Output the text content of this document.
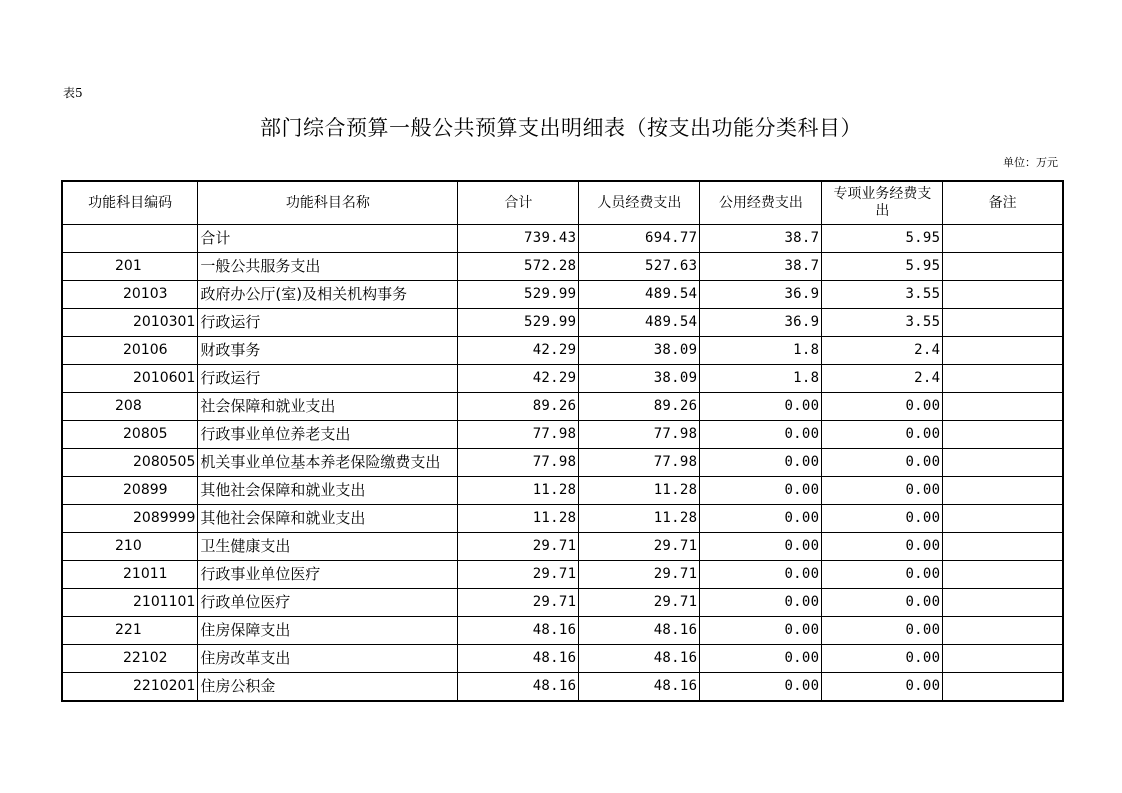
表5
部门综合预算一般公共预算支出明细表（按支出功能分类科目）
单位：万元
功能科目编码	功能科目名称	合计	人员经费支出	公用经费支出	专项业务经费支出	备注
	合计	739.43	694.77	38.7	5.95	
201	一般公共服务支出	572.28	527.63	38.7	5.95	
20103	政府办公厅(室)及相关机构事务	529.99	489.54	36.9	3.55	
2010301	行政运行	529.99	489.54	36.9	3.55	
20106	财政事务	42.29	38.09	1.8	2.4	
2010601	行政运行	42.29	38.09	1.8	2.4	
208	社会保障和就业支出	89.26	89.26	0.00	0.00	
20805	行政事业单位养老支出	77.98	77.98	0.00	0.00	
2080505	机关事业单位基本养老保险缴费支出	77.98	77.98	0.00	0.00	
20899	其他社会保障和就业支出	11.28	11.28	0.00	0.00	
2089999	其他社会保障和就业支出	11.28	11.28	0.00	0.00	
210	卫生健康支出	29.71	29.71	0.00	0.00	
21011	行政事业单位医疗	29.71	29.71	0.00	0.00	
2101101	行政单位医疗	29.71	29.71	0.00	0.00	
221	住房保障支出	48.16	48.16	0.00	0.00	
22102	住房改革支出	48.16	48.16	0.00	0.00	
2210201	住房公积金	48.16	48.16	0.00	0.00	
